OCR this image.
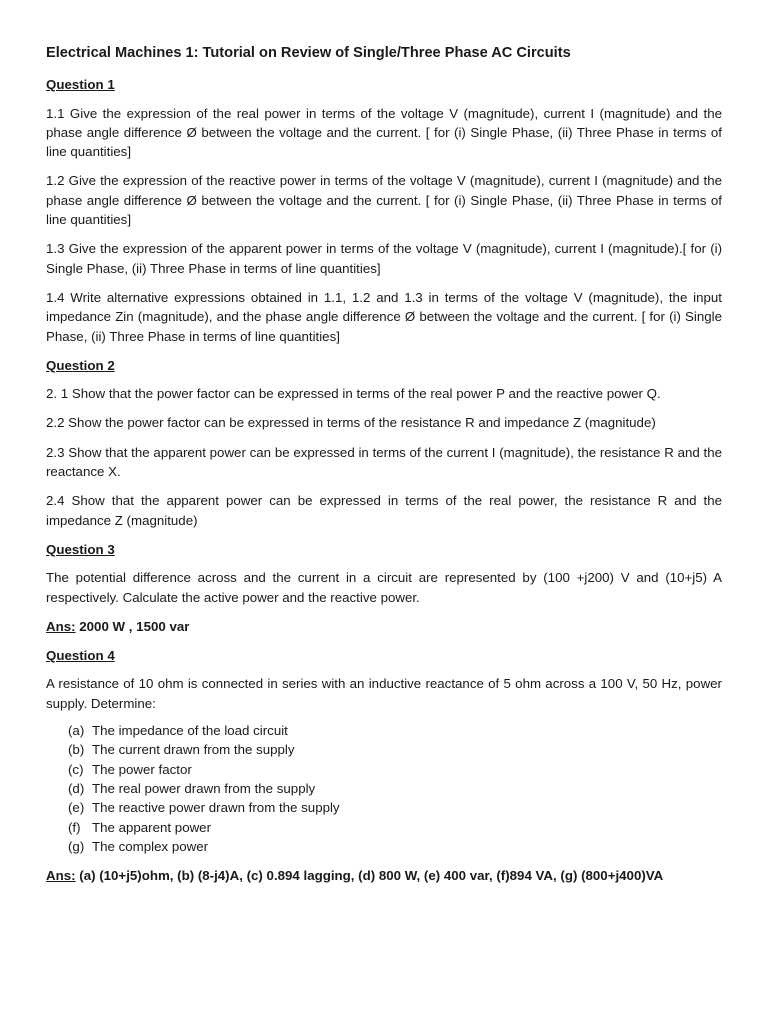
Electrical Machines 1: Tutorial on Review of Single/Three Phase AC Circuits
Question 1

1.1 Give the expression of the real power in terms of the voltage V (magnitude), current I (magnitude) and the phase angle difference Ø between the voltage and the current. [ for (i) Single Phase, (ii) Three Phase in terms of line quantities]

1.2 Give the expression of the reactive power in terms of the voltage V (magnitude), current I (magnitude) and the phase angle difference Ø between the voltage and the current. [ for (i) Single Phase, (ii) Three Phase in terms of line quantities]

1.3 Give the expression of the apparent power in terms of the voltage V (magnitude), current I (magnitude).[ for (i) Single Phase, (ii) Three Phase in terms of line quantities]

1.4 Write alternative expressions obtained in 1.1, 1.2 and 1.3 in terms of the voltage V (magnitude), the input impedance Zin (magnitude), and the phase angle difference Ø between the voltage and the current. [ for (i) Single Phase, (ii) Three Phase in terms of line quantities]

Question 2

2. 1 Show that the power factor can be expressed in terms of the real power P and the reactive power Q.

2.2 Show the power factor can be expressed in terms of the resistance R and impedance Z (magnitude)

2.3 Show that the apparent power can be expressed in terms of the current I (magnitude), the resistance R and the reactance X.

2.4 Show that the apparent power can be expressed in terms of the real power, the resistance R and the impedance Z (magnitude)

Question 3

The potential difference across and the current in a circuit are represented by (100 +j200) V and (10+j5) A respectively. Calculate the active power and the reactive power.

Ans: 2000 W , 1500 var

Question 4

A resistance of 10 ohm is connected in series with an inductive reactance of 5 ohm across a 100 V, 50 Hz, power supply. Determine:

(a) The impedance of the load circuit
(b) The current drawn from the supply
(c) The power factor
(d) The real power drawn from the supply
(e) The reactive power drawn from the supply
(f) The apparent power
(g) The complex power

Ans: (a) (10+j5)ohm, (b) (8-j4)A, (c) 0.894 lagging, (d) 800 W, (e) 400 var, (f)894 VA, (g) (800+j400)VA
